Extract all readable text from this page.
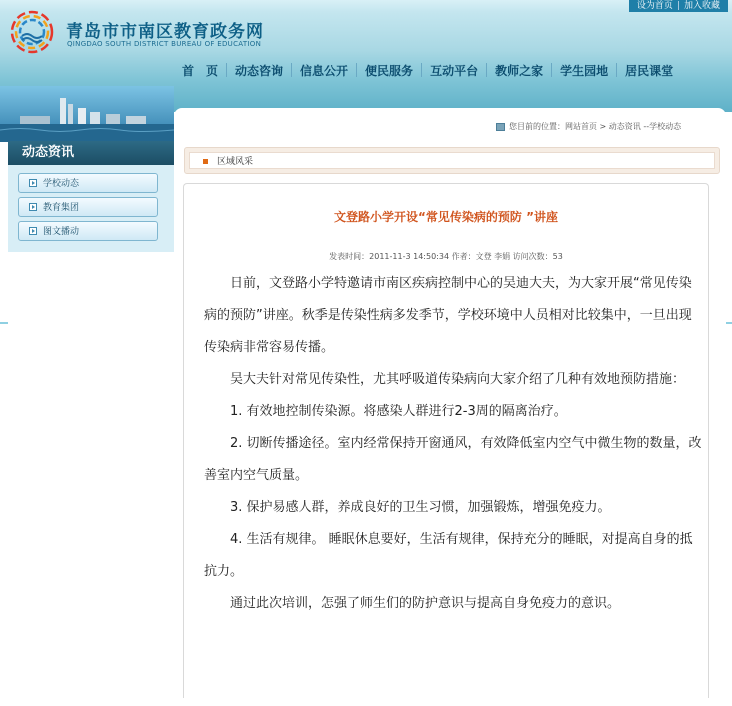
青岛市市南区教育政务网
QINGDAO SOUTH DISTRICT BUREAU OF EDUCATION
首　页	动态咨询	信息公开	便民服务	互动平台	教师之家	学生园地	居民课堂
设为首页 | 加入收藏
动态资讯
学校动态
教育集团
图文播动
您目前的位置：网站首页 > 动态资讯 --学校动态
区域风采
文登路小学开设“常见传染病的预防 ”讲座
发表时间：2011-11-3 14:50:34 作者：文登 李娟 访问次数：53

日前，文登路小学特邀请市南区疾病控制中心的吴迪大夫，为大家开展“常见传染病的预防”讲座。秋季是传染性病多发季节，学校环境中人员相对比较集中，一旦出现传染病非常容易传播。

吴大夫针对常见传染性，尤其呼吸道传染病向大家介绍了几种有效地预防措施：

1. 有效地控制传染源。将感染人群进行2-3周的隔离治疗。

2. 切断传播途径。室内经常保持开窗通风，有效降低室内空气中微生物的数量，改善室内空气质量。

3. 保护易感人群，养成良好的卫生习惯，加强锻炼，增强免疫力。

4. 生活有规律。 睡眠休息要好，生活有规律，保持充分的睡眠，对提高自身的抵抗力。

通过此次培训，怎强了师生们的防护意识与提高自身免疫力的意识。
